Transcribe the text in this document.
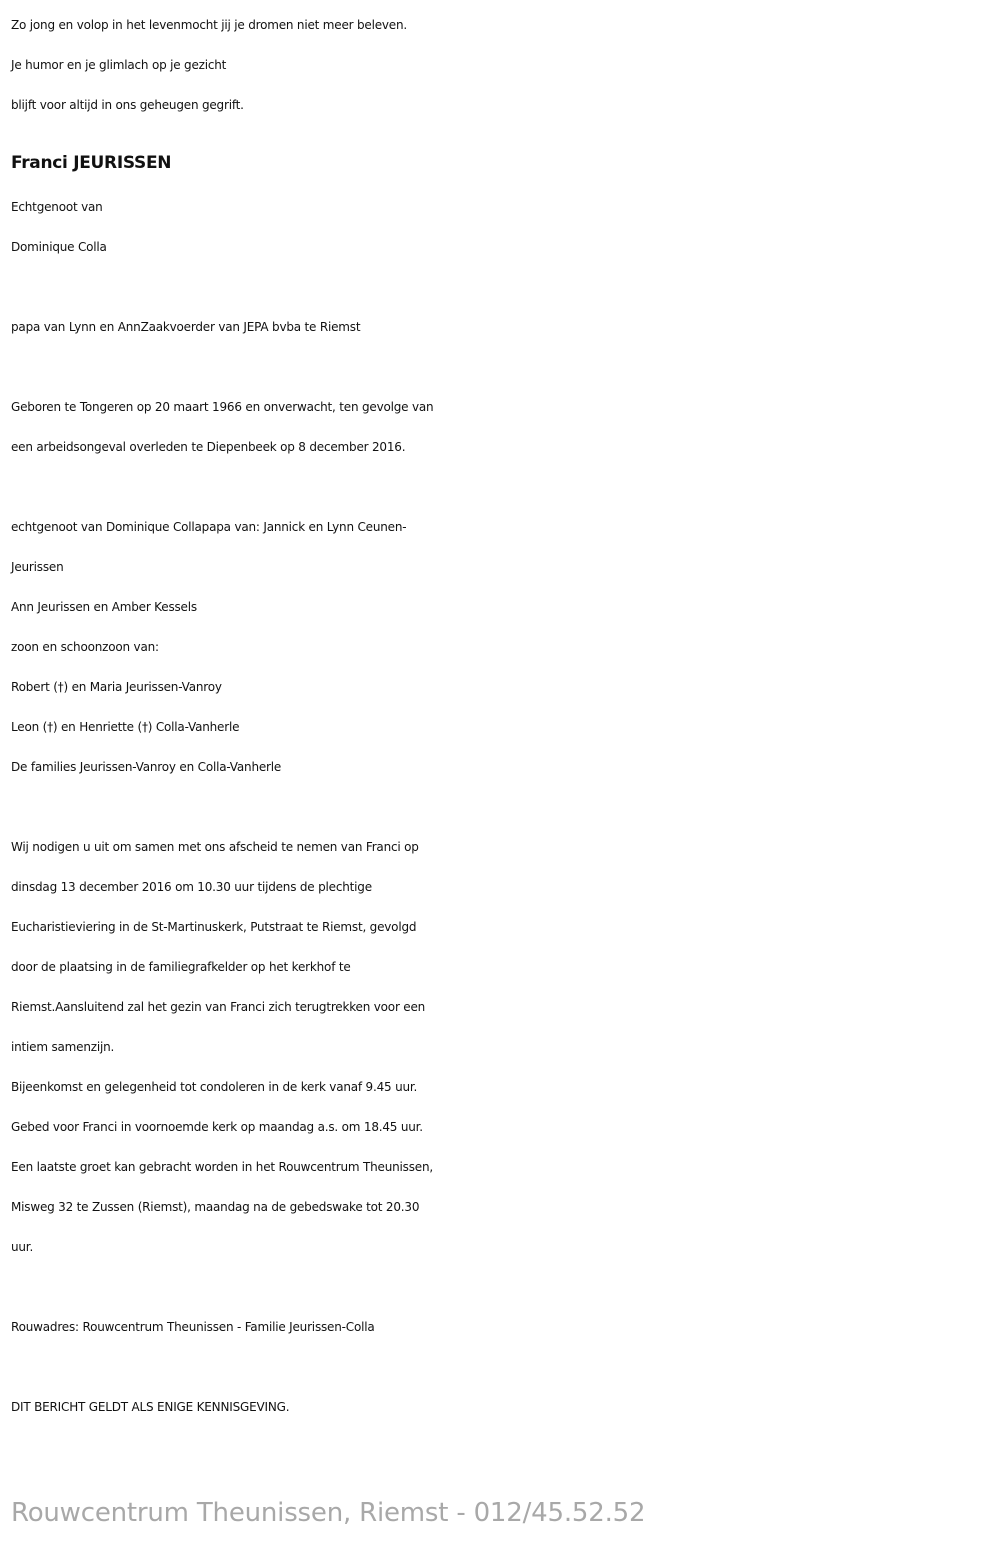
Zo jong en volop in het levenmocht jij je dromen niet meer beleven.
Je humor en je glimlach op je gezicht
blijft voor altijd in ons geheugen gegrift.
Franci JEURISSEN
Echtgenoot van
Dominique Colla
papa van Lynn en AnnZaakvoerder van JEPA bvba te Riemst
Geboren te Tongeren op 20 maart 1966 en onverwacht, ten gevolge van
een arbeidsongeval overleden te Diepenbeek op 8 december 2016.
echtgenoot van Dominique Collapapa van: Jannick en Lynn Ceunen-
Jeurissen
Ann Jeurissen en Amber Kessels
zoon en schoonzoon van:
Robert (†) en Maria Jeurissen-Vanroy
Leon (†) en Henriette (†) Colla-Vanherle
De families Jeurissen-Vanroy en Colla-Vanherle
Wij nodigen u uit om samen met ons afscheid te nemen van Franci op
dinsdag 13 december 2016 om 10.30 uur tijdens de plechtige
Eucharistieviering in de St-Martinuskerk, Putstraat te Riemst, gevolgd
door de plaatsing in de familiegrafkelder op het kerkhof te
Riemst.Aansluitend zal het gezin van Franci zich terugtrekken voor een
intiem samenzijn.
Bijeenkomst en gelegenheid tot condoleren in de kerk vanaf 9.45 uur.
Gebed voor Franci in voornoemde kerk op maandag a.s. om 18.45 uur.
Een laatste groet kan gebracht worden in het Rouwcentrum Theunissen,
Misweg 32 te Zussen (Riemst), maandag na de gebedswake tot 20.30
uur.
Rouwadres: Rouwcentrum Theunissen - Familie Jeurissen-Colla
DIT BERICHT GELDT ALS ENIGE KENNISGEVING.
Rouwcentrum Theunissen, Riemst - 012/45.52.52
